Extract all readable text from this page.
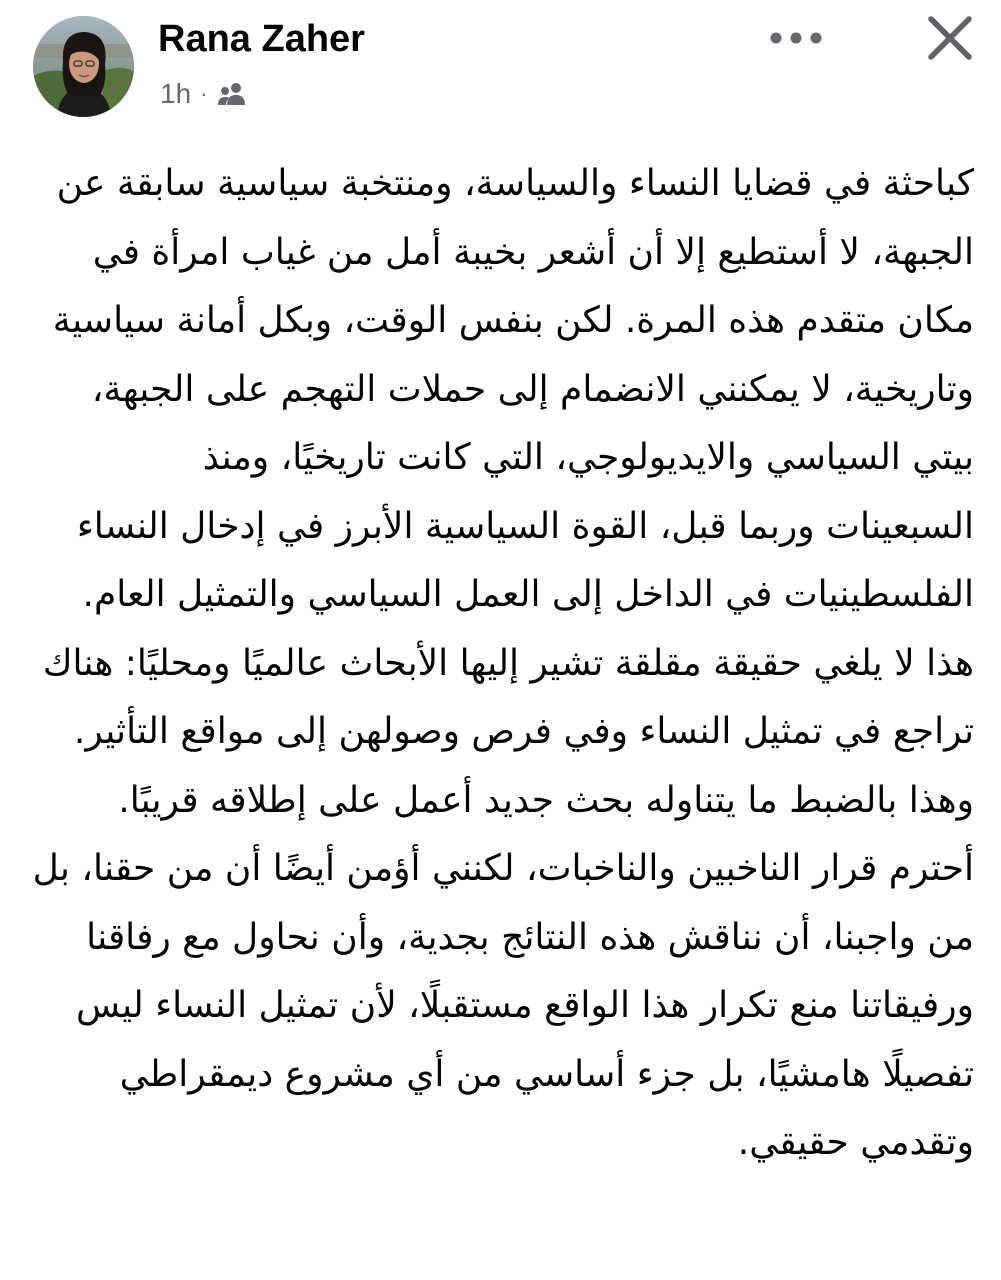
Rana Zaher
1h ·
كباحثة في قضايا النساء والسياسة، ومنتخبة سياسية سابقة عن
الجبهة، لا أستطيع إلا أن أشعر بخيبة أمل من غياب امرأة في
مكان متقدم هذه المرة. لكن بنفس الوقت، وبكل أمانة سياسية
وتاريخية، لا يمكنني الانضمام إلى حملات التهجم على الجبهة،
بيتي السياسي والايديولوجي، التي كانت تاريخيًا، ومنذ
السبعينات وربما قبل، القوة السياسية الأبرز في إدخال النساء
الفلسطينيات في الداخل إلى العمل السياسي والتمثيل العام.
هذا لا يلغي حقيقة مقلقة تشير إليها الأبحاث عالميًا ومحليًا: هناك
تراجع في تمثيل النساء وفي فرص وصولهن إلى مواقع التأثير.
وهذا بالضبط ما يتناوله بحث جديد أعمل على إطلاقه قريبًا.
أحترم قرار الناخبين والناخبات، لكنني أؤمن أيضًا أن من حقنا، بل
من واجبنا، أن نناقش هذه النتائج بجدية، وأن نحاول مع رفاقنا
ورفيقاتنا منع تكرار هذا الواقع مستقبلًا، لأن تمثيل النساء ليس
تفصيلًا هامشيًا، بل جزء أساسي من أي مشروع ديمقراطي
وتقدمي حقيقي.
